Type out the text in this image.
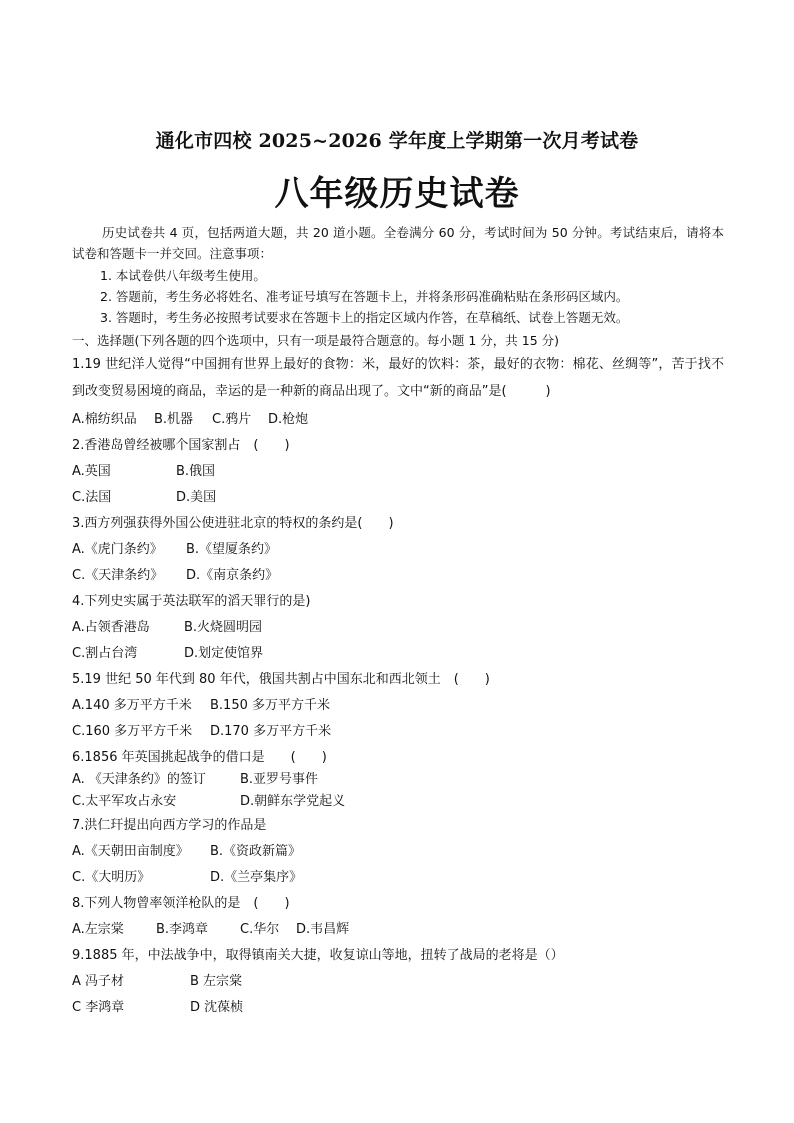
通化市四校 2025~2026 学年度上学期第一次月考试卷
八年级历史试卷
历史试卷共 4 页，包括两道大题，共 20 道小题。全卷满分 60 分，考试时间为 50 分钟。考试结束后，请将本试卷和答题卡一并交回。注意事项：
1. 本试卷供八年级考生使用。
2. 答题前，考生务必将姓名、准考证号填写在答题卡上，并将条形码准确粘贴在条形码区域内。
3. 答题时，考生务必按照考试要求在答题卡上的指定区域内作答，在草稿纸、试卷上答题无效。
一、选择题(下列各题的四个选项中，只有一项是最符合题意的。每小题 1 分，共 15 分)
1.19 世纪洋人觉得“中国拥有世界上最好的食物：米，最好的饮料：茶，最好的衣物：棉花、丝绸等”，苦于找不到改变贸易困境的商品，幸运的是一种新的商品出现了。文中“新的商品”是(　　　)
A.棉纺织品 B.机器 C.鸦片 D.枪炮
2.香港岛曾经被哪个国家割占　(　　)
A.英国	B.俄国
C.法国	D.美国
3.西方列强获得外国公使进驻北京的特权的条约是(　　)
A.《虎门条约》 B.《望厦条约》
C.《天津条约》 D.《南京条约》
4.下列史实属于英法联军的滔天罪行的是)
A.占领香港岛	B.火烧圆明园
C.割占台湾	D.划定使馆界
5.19 世纪 50 年代到 80 年代，俄国共割占中国东北和西北领土　(　　)
A.140 多万平方千米 B.150 多万平方千米
C.160 多万平方千米 D.170 多万平方千米
6.1856 年英国挑起战争的借口是　　(　　)
A. 《天津条约》的签订	B.亚罗号事件
C.太平军攻占永安	D.朝鲜东学党起义
7.洪仁玕提出向西方学习的作品是
A.《天朝田亩制度》 B.《资政新篇》
C.《大明历》	D.《兰亭集序》
8.下列人物曾率领洋枪队的是　(　　)
A.左宗棠 B.李鸿章 C.华尔 D.韦昌辉
9.1885 年，中法战争中，取得镇南关大捷，收复谅山等地，扭转了战局的老将是（）
A 冯子材	B 左宗棠
C 李鸿章	D 沈葆桢
